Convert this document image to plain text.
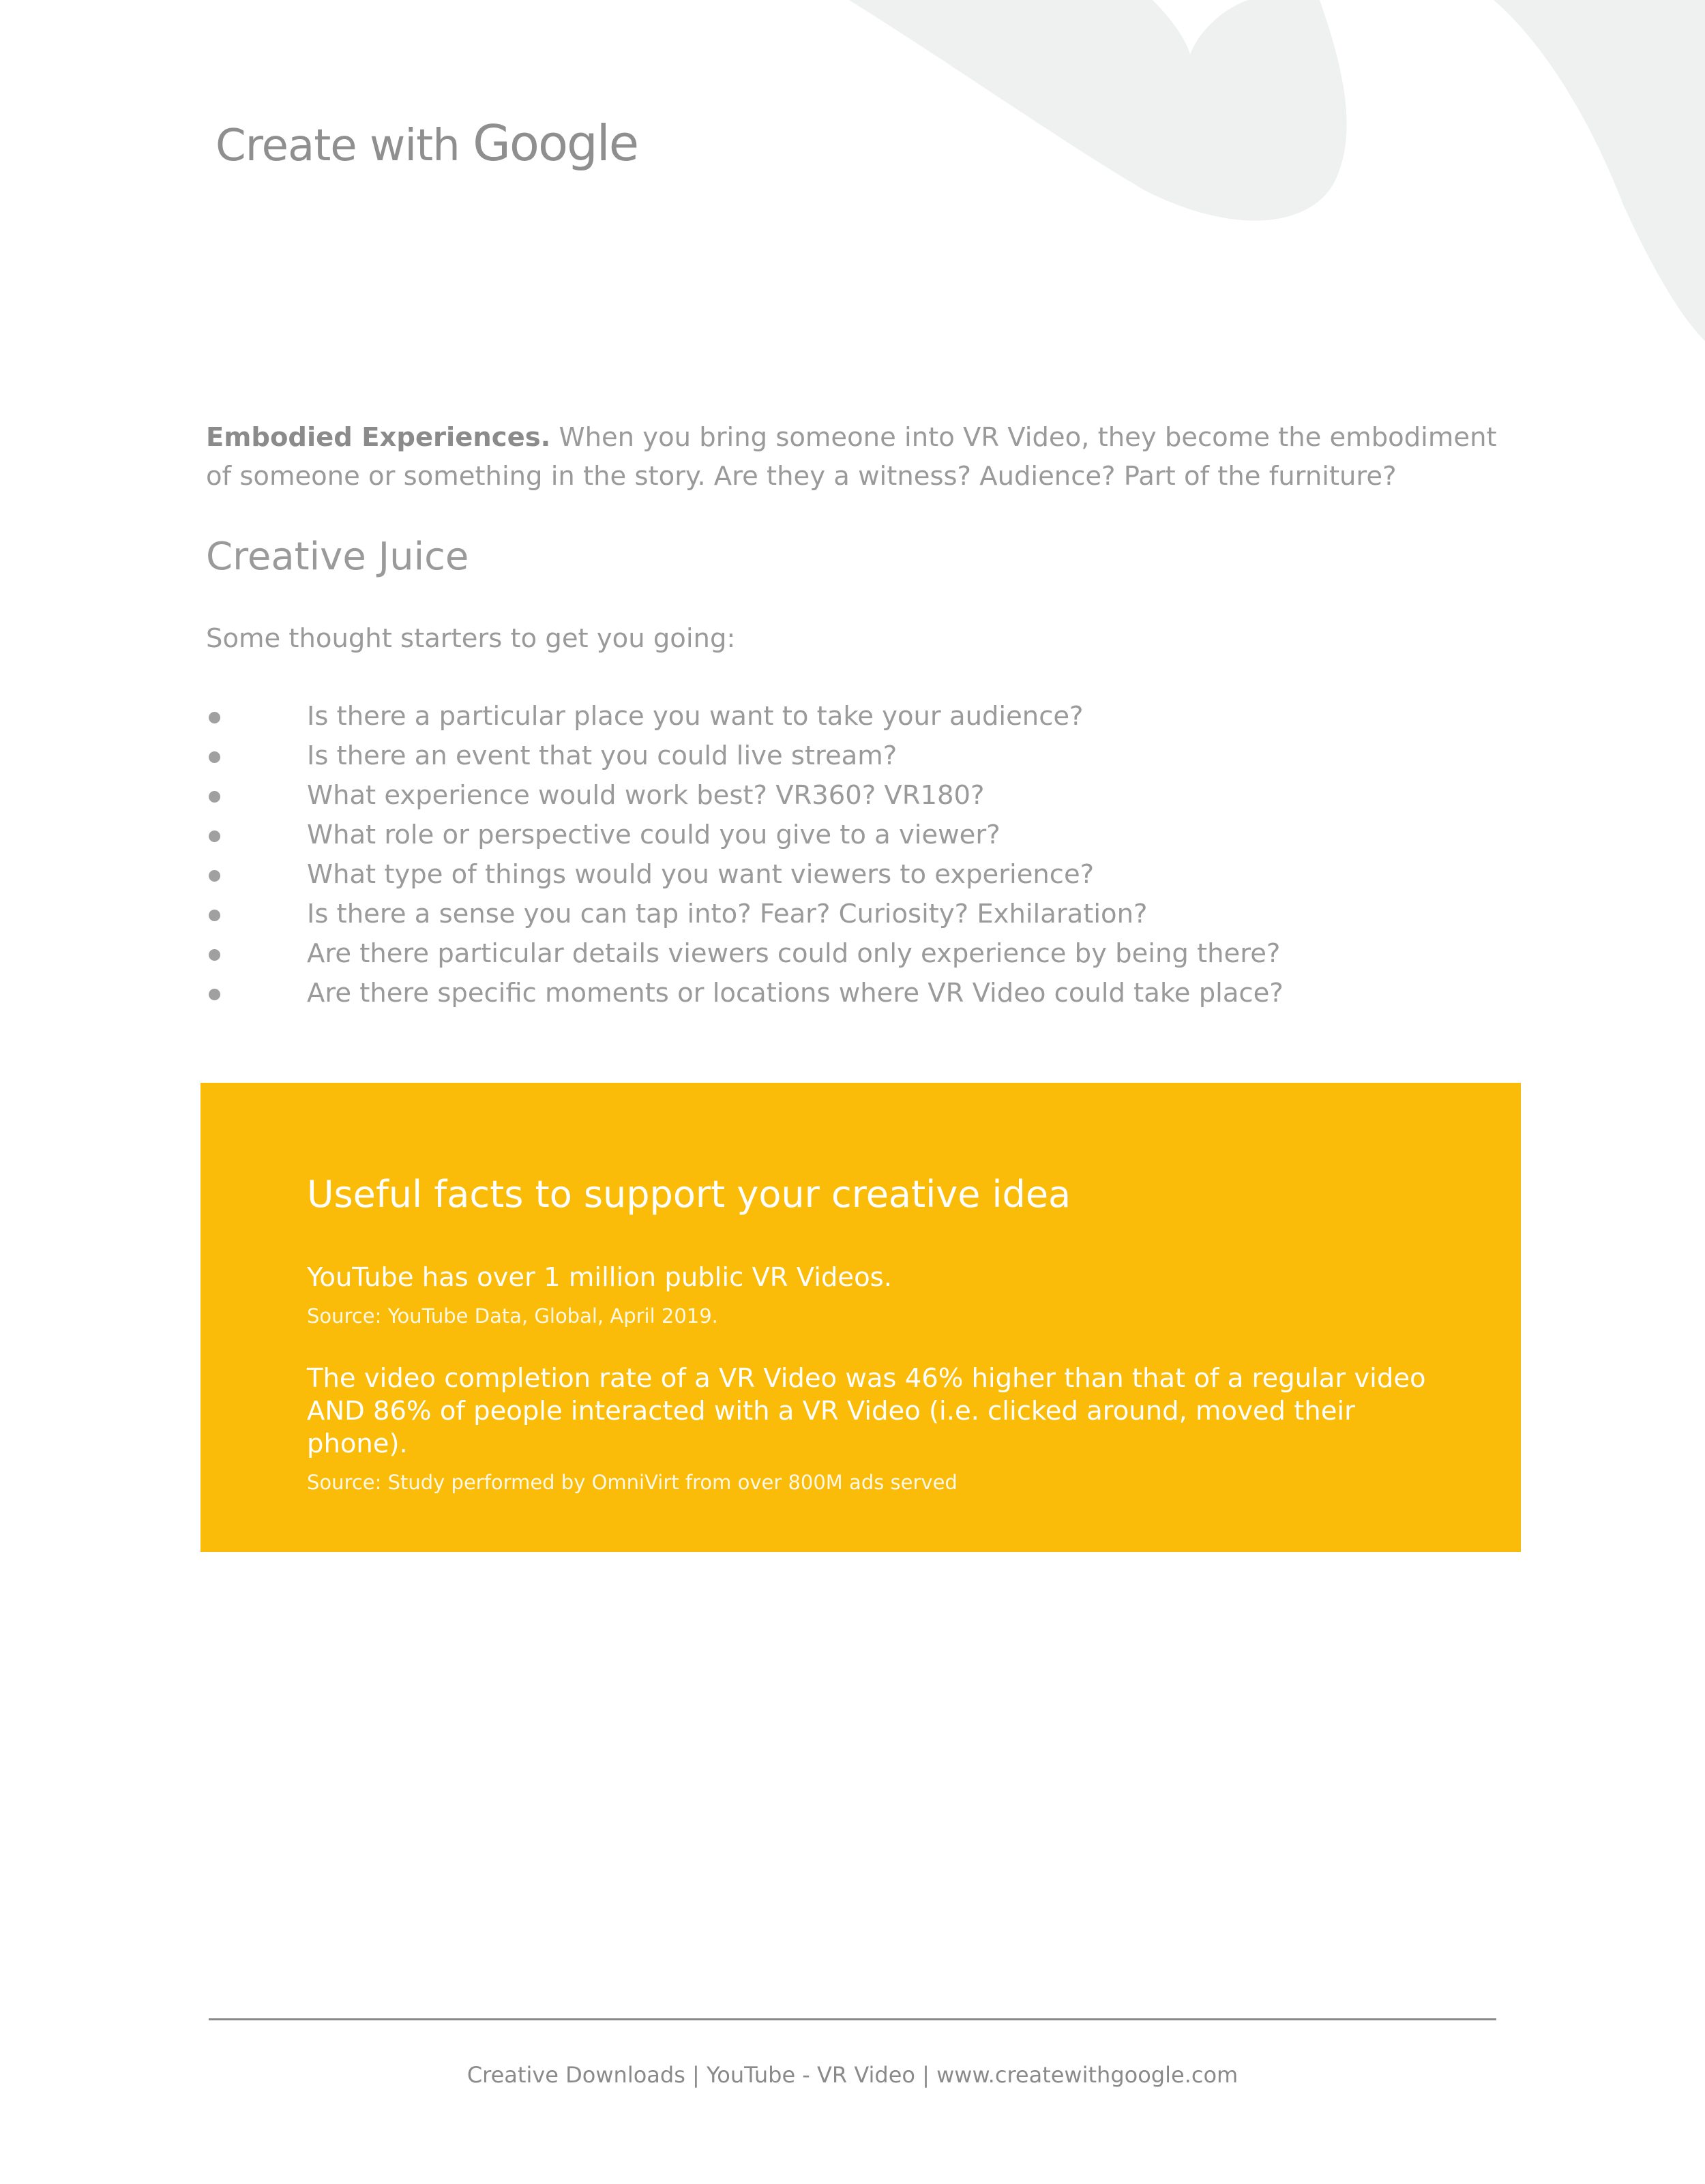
Create with Google

Embodied Experiences. When you bring someone into VR Video, they become the embodiment of someone or something in the story. Are they a witness? Audience? Part of the furniture?

Creative Juice
Some thought starters to get you going:
Is there a particular place you want to take your audience?
Is there an event that you could live stream?
What experience would work best? VR360? VR180?
What role or perspective could you give to a viewer?
What type of things would you want viewers to experience?
Is there a sense you can tap into? Fear? Curiosity? Exhilaration?
Are there particular details viewers could only experience by being there?
Are there specific moments or locations where VR Video could take place?
Useful facts to support your creative idea
YouTube has over 1 million public VR Videos.
Source: YouTube Data, Global, April 2019.
The video completion rate of a VR Video was 46% higher than that of a regular video AND 86% of people interacted with a VR Video (i.e. clicked around, moved their phone).
Source: Study performed by OmniVirt from over 800M ads served
Creative Downloads | YouTube - VR Video | www.createwithgoogle.com
